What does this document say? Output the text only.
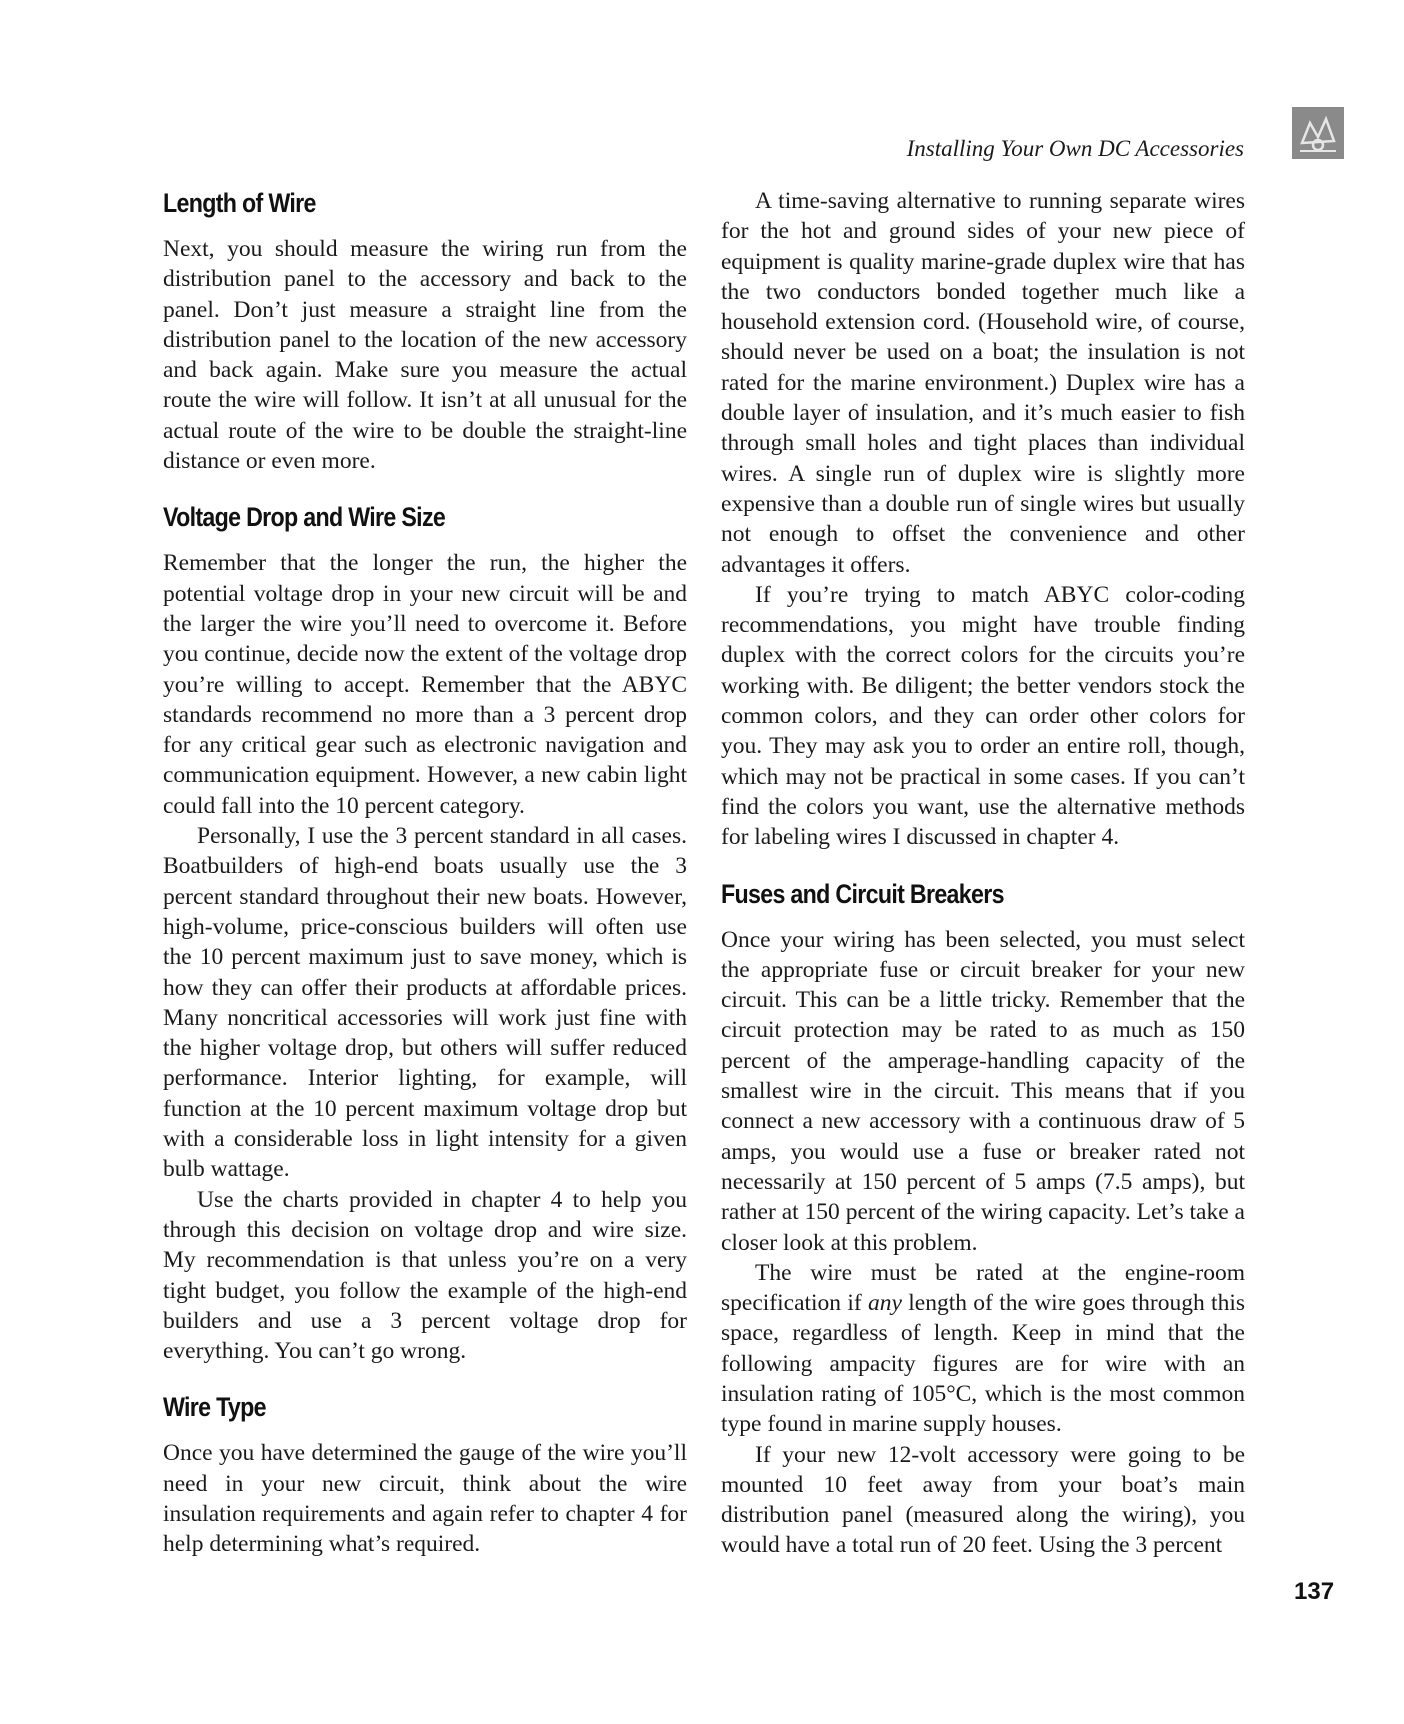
Installing Your Own DC Accessories
Length of Wire

Next, you should measure the wiring run from the distribution panel to the accessory and back to the panel. Don’t just measure a straight line from the distribution panel to the location of the new accessory and back again. Make sure you measure the actual route the wire will follow. It isn’t at all unusual for the actual route of the wire to be double the straight-line distance or even more.

Voltage Drop and Wire Size

Remember that the longer the run, the higher the potential voltage drop in your new circuit will be and the larger the wire you’ll need to overcome it. Before you continue, decide now the extent of the voltage drop you’re willing to accept. Remember that the ABYC standards recommend no more than a 3 percent drop for any critical gear such as electronic navigation and communication equipment. However, a new cabin light could fall into the 10 percent category.

Personally, I use the 3 percent standard in all cases. Boatbuilders of high-end boats usually use the 3 percent standard throughout their new boats. However, high-volume, price-conscious builders will often use the 10 percent maximum just to save money, which is how they can offer their products at affordable prices. Many noncritical accessories will work just fine with the higher voltage drop, but others will suffer reduced performance. Interior lighting, for example, will function at the 10 percent maximum voltage drop but with a considerable loss in light intensity for a given bulb wattage.

Use the charts provided in chapter 4 to help you through this decision on voltage drop and wire size. My recommendation is that unless you’re on a very tight budget, you follow the example of the high-end builders and use a 3 percent voltage drop for everything. You can’t go wrong.

Wire Type

Once you have determined the gauge of the wire you’ll need in your new circuit, think about the wire insulation requirements and again refer to chapter 4 for help determining what’s required.

A time-saving alternative to running separate wires for the hot and ground sides of your new piece of equipment is quality marine-grade duplex wire that has the two conductors bonded together much like a household extension cord. (Household wire, of course, should never be used on a boat; the insulation is not rated for the marine environment.) Duplex wire has a double layer of insulation, and it’s much easier to fish through small holes and tight places than individual wires. A single run of duplex wire is slightly more expensive than a double run of single wires but usually not enough to offset the convenience and other advantages it offers.

If you’re trying to match ABYC color-coding recommendations, you might have trouble finding duplex with the correct colors for the circuits you’re working with. Be diligent; the better vendors stock the common colors, and they can order other colors for you. They may ask you to order an entire roll, though, which may not be practical in some cases. If you can’t find the colors you want, use the alternative methods for labeling wires I discussed in chapter 4.

Fuses and Circuit Breakers

Once your wiring has been selected, you must select the appropriate fuse or circuit breaker for your new circuit. This can be a little tricky. Remember that the circuit protection may be rated to as much as 150 percent of the amperage-handling capacity of the smallest wire in the circuit. This means that if you connect a new accessory with a continuous draw of 5 amps, you would use a fuse or breaker rated not necessarily at 150 percent of 5 amps (7.5 amps), but rather at 150 percent of the wiring capacity. Let’s take a closer look at this problem.

The wire must be rated at the engine-room specification if any length of the wire goes through this space, regardless of length. Keep in mind that the following ampacity figures are for wire with an insulation rating of 105°C, which is the most common type found in marine supply houses.

If your new 12-volt accessory were going to be mounted 10 feet away from your boat’s main distribution panel (measured along the wiring), you would have a total run of 20 feet. Using the 3 percent

137
